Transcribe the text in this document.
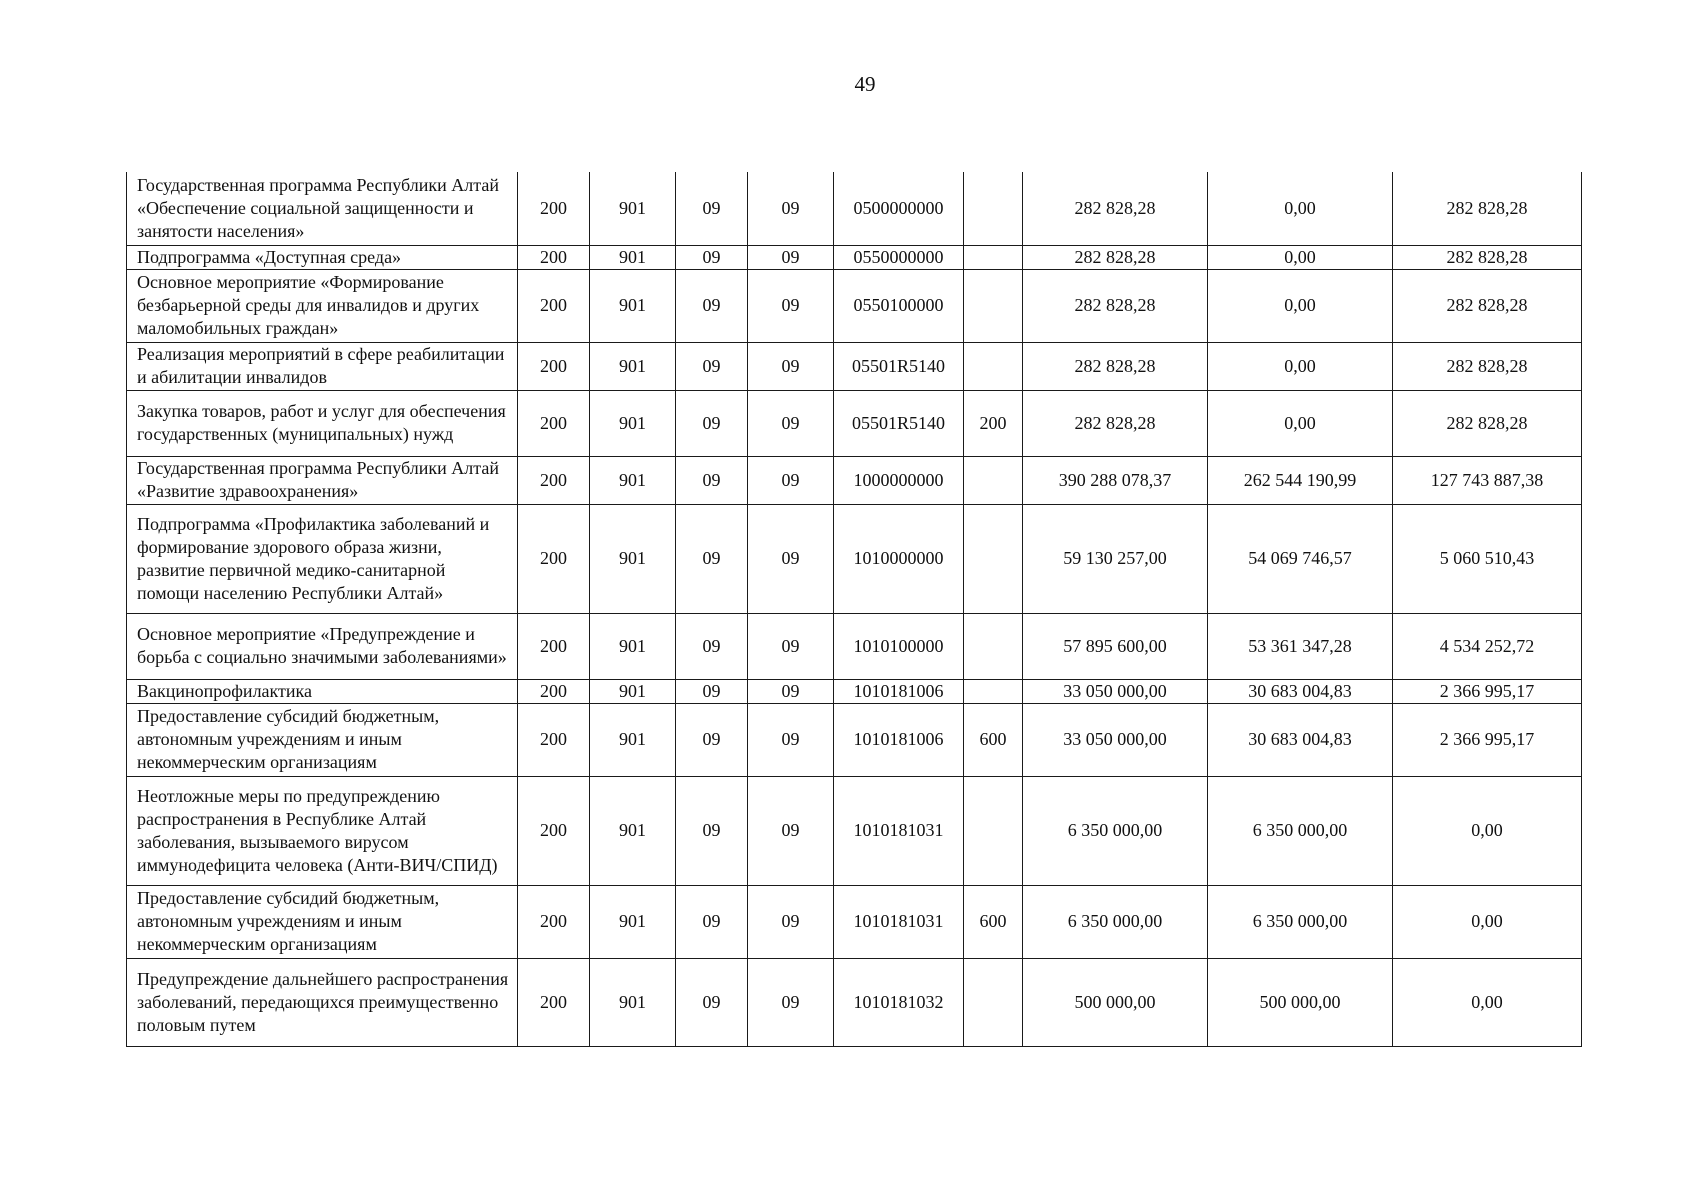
49
Государственная программа Республики Алтай «Обеспечение социальной защищенности и занятости населения»	200	901	09	09	0500000000		282 828,28	0,00	282 828,28
Подпрограмма «Доступная среда»	200	901	09	09	0550000000		282 828,28	0,00	282 828,28
Основное мероприятие «Формирование безбарьерной среды для инвалидов и других маломобильных граждан»	200	901	09	09	0550100000		282 828,28	0,00	282 828,28
Реализация мероприятий в сфере реабилитации и абилитации инвалидов	200	901	09	09	05501R5140		282 828,28	0,00	282 828,28
Закупка товаров, работ и услуг для обеспечения государственных (муниципальных) нужд	200	901	09	09	05501R5140	200	282 828,28	0,00	282 828,28
Государственная программа Республики Алтай «Развитие здравоохранения»	200	901	09	09	1000000000		390 288 078,37	262 544 190,99	127 743 887,38
Подпрограмма «Профилактика заболеваний и формирование здорового образа жизни, развитие первичной медико-санитарной помощи населению Республики Алтай»	200	901	09	09	1010000000		59 130 257,00	54 069 746,57	5 060 510,43
Основное мероприятие «Предупреждение и борьба с социально значимыми заболеваниями»	200	901	09	09	1010100000		57 895 600,00	53 361 347,28	4 534 252,72
Вакцинопрофилактика	200	901	09	09	1010181006		33 050 000,00	30 683 004,83	2 366 995,17
Предоставление субсидий бюджетным, автономным учреждениям и иным некоммерческим организациям	200	901	09	09	1010181006	600	33 050 000,00	30 683 004,83	2 366 995,17
Неотложные меры по предупреждению распространения в Республике Алтай заболевания, вызываемого вирусом иммунодефицита человека (Анти-ВИЧ/СПИД)	200	901	09	09	1010181031		6 350 000,00	6 350 000,00	0,00
Предоставление субсидий бюджетным, автономным учреждениям и иным некоммерческим организациям	200	901	09	09	1010181031	600	6 350 000,00	6 350 000,00	0,00
Предупреждение дальнейшего распространения заболеваний, передающихся преимущественно половым путем	200	901	09	09	1010181032		500 000,00	500 000,00	0,00
